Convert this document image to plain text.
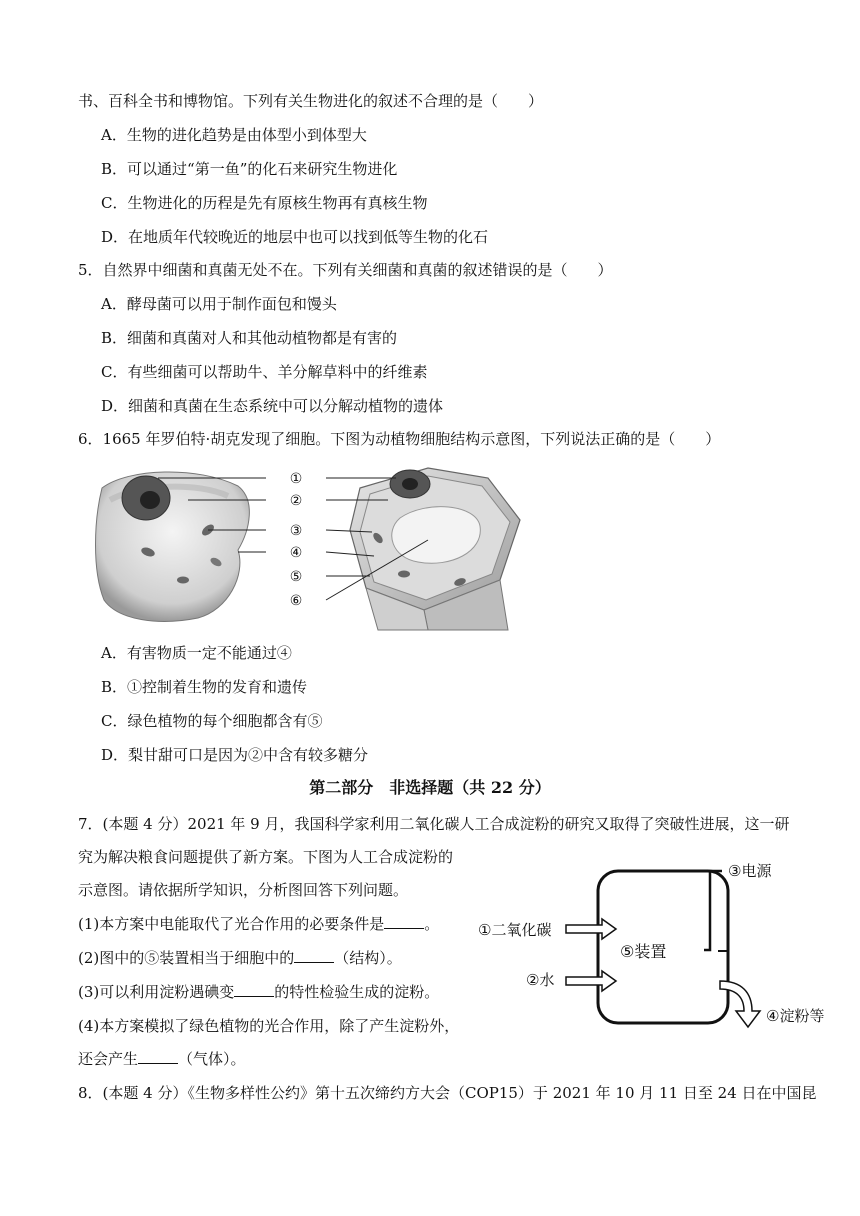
书、百科全书和博物馆。下列有关生物进化的叙述不合理的是（　　）
A．生物的进化趋势是由体型小到体型大
B．可以通过“第一鱼”的化石来研究生物进化
C．生物进化的历程是先有原核生物再有真核生物
D．在地质年代较晚近的地层中也可以找到低等生物的化石
5．自然界中细菌和真菌无处不在。下列有关细菌和真菌的叙述错误的是（　　）
A．酵母菌可以用于制作面包和馒头
B．细菌和真菌对人和其他动植物都是有害的
C．有些细菌可以帮助牛、羊分解草料中的纤维素
D．细菌和真菌在生态系统中可以分解动植物的遗体
6．1665 年罗伯特·胡克发现了细胞。下图为动植物细胞结构示意图，下列说法正确的是（　　）
①
②
③
④
⑤
⑥
A．有害物质一定不能通过④
B．①控制着生物的发育和遗传
C．绿色植物的每个细胞都含有⑤
D．梨甘甜可口是因为②中含有较多糖分
第二部分　非选择题（共 22 分）
7．(本题 4 分）2021 年 9 月，我国科学家利用二氧化碳人工合成淀粉的研究又取得了突破性进展，这一研
究为解决粮食问题提供了新方案。下图为人工合成淀粉的
示意图。请依据所学知识，分析图回答下列问题。
(1)本方案中电能取代了光合作用的必要条件是	。
(2)图中的⑤装置相当于细胞中的	（结构）。
(3)可以利用淀粉遇碘变	的特性检验生成的淀粉。
(4)本方案模拟了绿色植物的光合作用，除了产生淀粉外，
还会产生	（气体）。
③电源
①二氧化碳
⑤装置
②水
④淀粉等
8．(本题 4 分）《生物多样性公约》第十五次缔约方大会（COP15）于 2021 年 10 月 11 日至 24 日在中国昆
